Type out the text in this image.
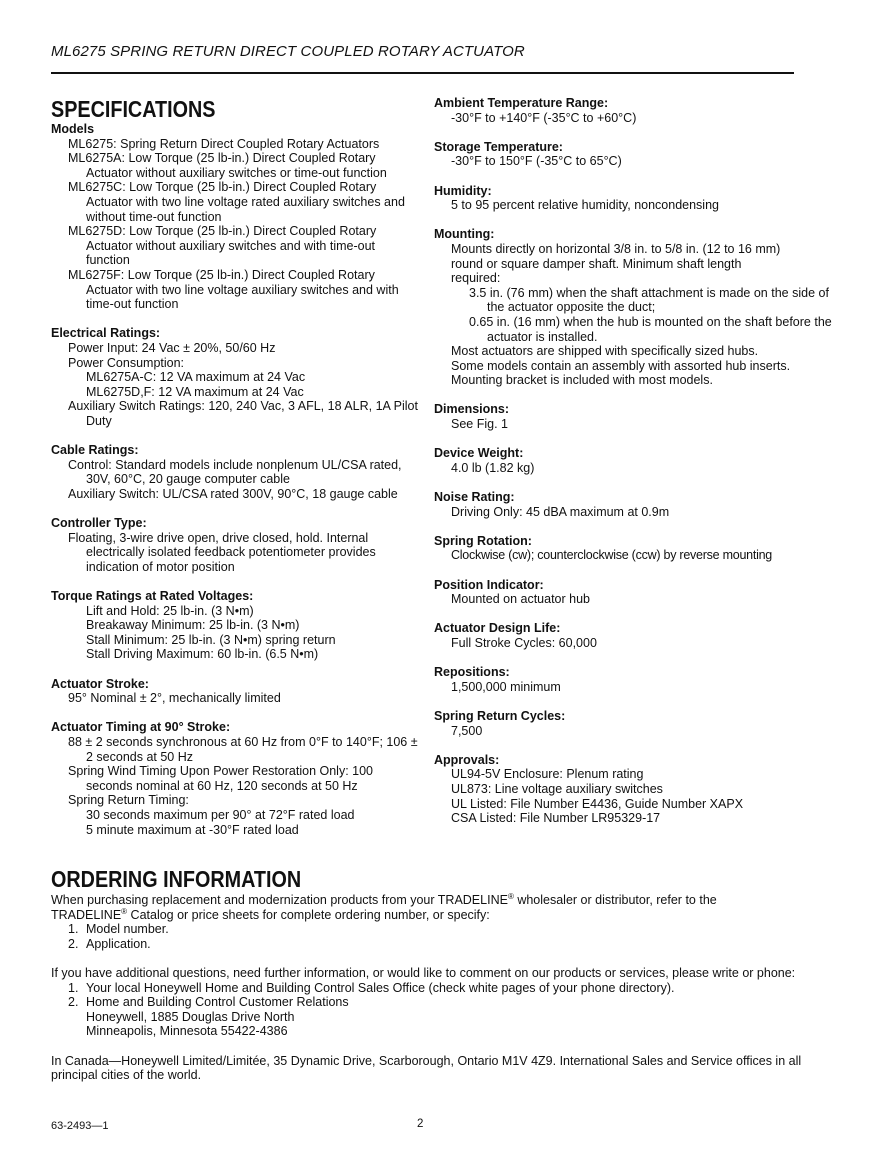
ML6275 SPRING RETURN DIRECT COUPLED ROTARY ACTUATOR
SPECIFICATIONS
Models
ML6275: Spring Return Direct Coupled Rotary Actuators
ML6275A: Low Torque (25 lb-in.) Direct Coupled Rotary Actuator without auxiliary switches or time-out function
ML6275C: Low Torque (25 lb-in.) Direct Coupled Rotary Actuator with two line voltage rated auxiliary switches and without time-out function
ML6275D: Low Torque (25 lb-in.) Direct Coupled Rotary Actuator without auxiliary switches and with time-out function
ML6275F: Low Torque (25 lb-in.) Direct Coupled Rotary Actuator with two line voltage auxiliary switches and with time-out function
Electrical Ratings:
Power Input: 24 Vac ± 20%, 50/60 Hz
Power Consumption:
ML6275A-C: 12 VA maximum at 24 Vac
ML6275D,F: 12 VA maximum at 24 Vac
Auxiliary Switch Ratings: 120, 240 Vac, 3 AFL, 18 ALR, 1A Pilot Duty
Cable Ratings:
Control: Standard models include nonplenum UL/CSA rated, 30V, 60°C, 20 gauge computer cable
Auxiliary Switch: UL/CSA rated 300V, 90°C, 18 gauge cable
Controller Type:
Floating, 3-wire drive open, drive closed, hold. Internal electrically isolated feedback potentiometer provides indication of motor position
Torque Ratings at Rated Voltages:
Lift and Hold: 25 lb-in. (3 N•m)
Breakaway Minimum: 25 lb-in. (3 N•m)
Stall Minimum: 25 lb-in. (3 N•m) spring return
Stall Driving Maximum: 60 lb-in. (6.5 N•m)
Actuator Stroke:
95° Nominal ± 2°, mechanically limited
Actuator Timing at 90° Stroke:
88 ± 2 seconds synchronous at 60 Hz from 0°F to 140°F; 106 ± 2 seconds at 50 Hz
Spring Wind Timing Upon Power Restoration Only: 100 seconds nominal at 60 Hz, 120 seconds at 50 Hz
Spring Return Timing:
30 seconds maximum per 90° at 72°F rated load
5 minute maximum at -30°F rated load
Ambient Temperature Range:
-30°F to +140°F (-35°C to +60°C)
Storage Temperature:
-30°F to 150°F (-35°C to 65°C)
Humidity:
5 to 95 percent relative humidity, noncondensing
Mounting:
Mounts directly on horizontal 3/8 in. to 5/8 in. (12 to 16 mm) round or square damper shaft. Minimum shaft length required:
3.5 in. (76 mm) when the shaft attachment is made on the side of the actuator opposite the duct;
0.65 in. (16 mm) when the hub is mounted on the shaft before the actuator is installed.
Most actuators are shipped with specifically sized hubs.
Some models contain an assembly with assorted hub inserts.
Mounting bracket is included with most models.
Dimensions:
See Fig. 1
Device Weight:
4.0 lb (1.82 kg)
Noise Rating:
Driving Only: 45 dBA maximum at 0.9m
Spring Rotation:
Clockwise (cw); counterclockwise (ccw) by reverse mounting
Position Indicator:
Mounted on actuator hub
Actuator Design Life:
Full Stroke Cycles: 60,000
Repositions:
1,500,000 minimum
Spring Return Cycles:
7,500
Approvals:
UL94-5V Enclosure: Plenum rating
UL873: Line voltage auxiliary switches
UL Listed: File Number E4436, Guide Number XAPX
CSA Listed: File Number LR95329-17
ORDERING INFORMATION
When purchasing replacement and modernization products from your TRADELINE® wholesaler or distributor, refer to the
TRADELINE® Catalog or price sheets for complete ordering number, or specify:
1. Model number.
2. Application.
If you have additional questions, need further information, or would like to comment on our products or services, please write or phone:
1. Your local Honeywell Home and Building Control Sales Office (check white pages of your phone directory).
2. Home and Building Control Customer Relations
Honeywell, 1885 Douglas Drive North
Minneapolis, Minnesota 55422-4386
In Canada—Honeywell Limited/Limitée, 35 Dynamic Drive, Scarborough, Ontario M1V 4Z9. International Sales and Service offices in all principal cities of the world.
63-2493—1	2
